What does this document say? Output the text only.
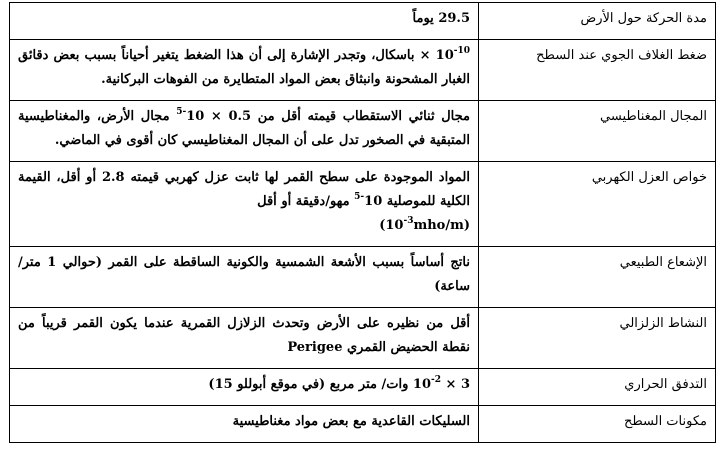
مدة الحركة حول الأرض	29.5 يوماً
ضغط الغلاف الجوي عند السطح	× $10^{-10}$ باسكال، وتجدر الإشارة إلى أن هذا الضغط يتغير أحياناً بسبب بعض دقائق الغبار المشحونة وانبثاق بعض المواد المتطايرة من الفوهات البركانية.
المجال المغناطيسي	مجال ثنائي الاستقطاب قيمته أقل من $0.5 \times 10^{-5}$ مجال الأرض، والمغناطيسية المتبقية في الصخور تدل على أن المجال المغناطيسي كان أقوى في الماضي.
خواص العزل الكهربي	المواد الموجودة على سطح القمر لها ثابت عزل كهربي قيمته 2.8 أو أقل، القيمة الكلية للموصلية $10^{-5}$ مهو/دقيقة أو أقل
$(10^{-3}mho/m)$
الإشعاع الطبيعي	ناتج أساساً بسبب الأشعة الشمسية والكونية الساقطة على القمر (حوالي 1 متر/ساعة)
النشاط الزلزالي	أقل من نظيره على الأرض وتحدث الزلازل القمرية عندما يكون القمر قريباً من نقطة الحضيض القمري Perigee
التدفق الحراري	$3 \times 10^{-2}$ وات/ متر مربع (في موقع أبوللو 15)
مكونات السطح	السليكات القاعدية مع بعض مواد مغناطيسية
